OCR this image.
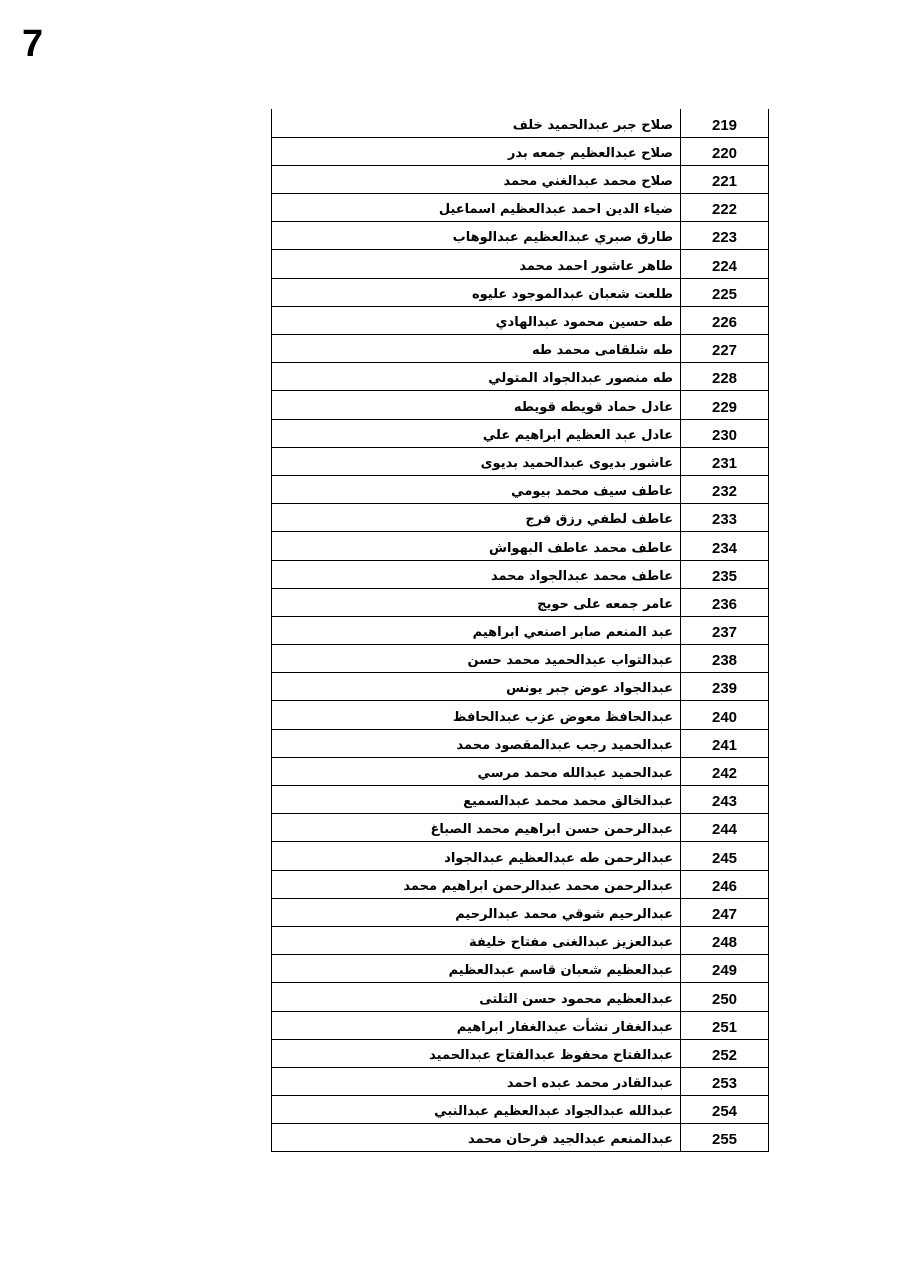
7
صلاح جبر عبدالحميد خلف	219
صلاح عبدالعظيم جمعه بدر	220
صلاح محمد عبدالغني محمد	221
ضياء الدين احمد عبدالعظيم اسماعيل	222
طارق صبري عبدالعظيم عبدالوهاب	223
طاهر عاشور احمد محمد	224
طلعت شعبان عبدالموجود عليوه	225
طه حسين محمود عبدالهادي	226
طه شلقامى محمد طه	227
طه منصور عبدالجواد المتولي	228
عادل حماد قويطه قويطه	229
عادل عبد العظيم ابراهيم علي	230
عاشور بديوى عبدالحميد بديوى	231
عاطف سيف محمد بيومي	232
عاطف لطفي رزق فرج	233
عاطف محمد عاطف البهواش	234
عاطف محمد عبدالجواد محمد	235
عامر جمعه على حويج	236
عبد المنعم صابر اصنعي ابراهيم	237
عبدالتواب عبدالحميد محمد حسن	238
عبدالجواد عوض جبر يونس	239
عبدالحافظ معوض عزب عبدالحافظ	240
عبدالحميد رجب عبدالمقصود محمد	241
عبدالحميد عبدالله محمد مرسي	242
عبدالخالق محمد محمد عبدالسميع	243
عبدالرحمن حسن ابراهيم محمد الصباغ	244
عبدالرحمن طه عبدالعظيم عبدالجواد	245
عبدالرحمن محمد عبدالرحمن ابراهيم محمد	246
عبدالرحيم شوقي محمد عبدالرحيم	247
عبدالعزيز عبدالغنى مفتاح خليفة	248
عبدالعظيم شعبان قاسم عبدالعظيم	249
عبدالعظيم محمود حسن التلتى	250
عبدالغفار نشأت عبدالغفار ابراهيم	251
عبدالفتاح محفوظ عبدالفتاح عبدالحميد	252
عبدالقادر محمد عبده احمد	253
عبدالله عبدالجواد عبدالعظيم عبدالنبي	254
عبدالمنعم عبدالجيد فرحان محمد	255
